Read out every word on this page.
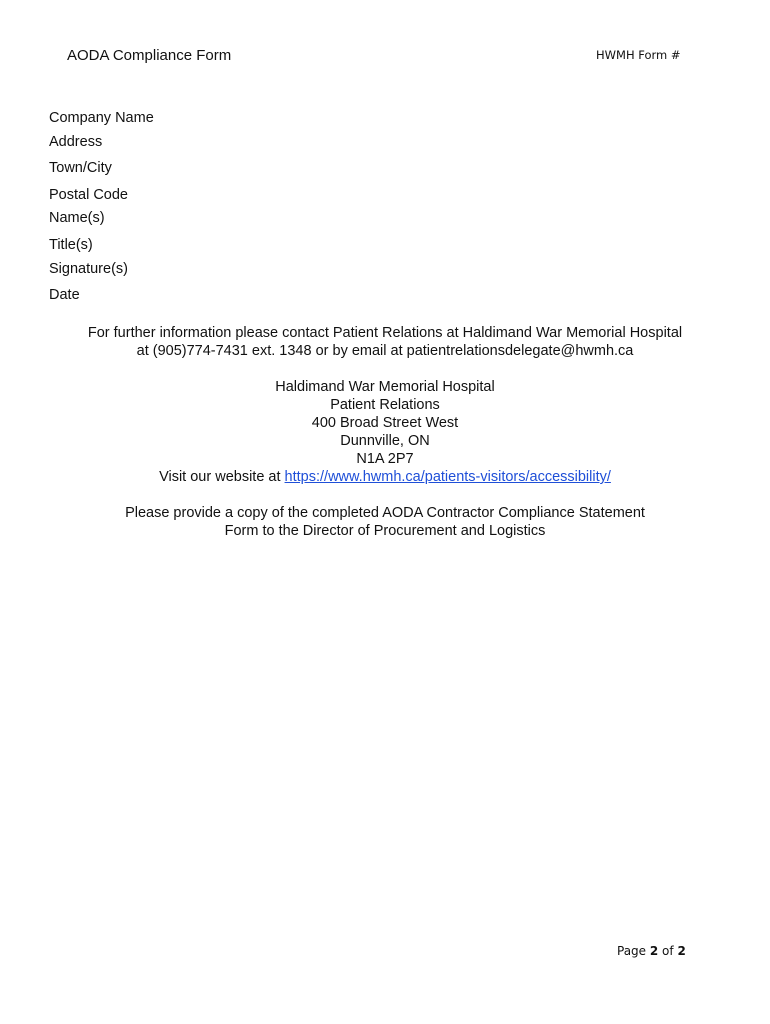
AODA Compliance Form	HWMH Form #
Company Name
Address
Town/City
Postal Code
Name(s)
Title(s)
Signature(s)
Date
For further information please contact Patient Relations at Haldimand War Memorial Hospital
at (905)774-7431 ext. 1348 or by email at patientrelationsdelegate@hwmh.ca
Haldimand War Memorial Hospital
Patient Relations
400 Broad Street West
Dunnville, ON
N1A 2P7
Visit our website at https://www.hwmh.ca/patients-visitors/accessibility/
Please provide a copy of the completed AODA Contractor Compliance Statement
Form to the Director of Procurement and Logistics
Page 2 of 2
